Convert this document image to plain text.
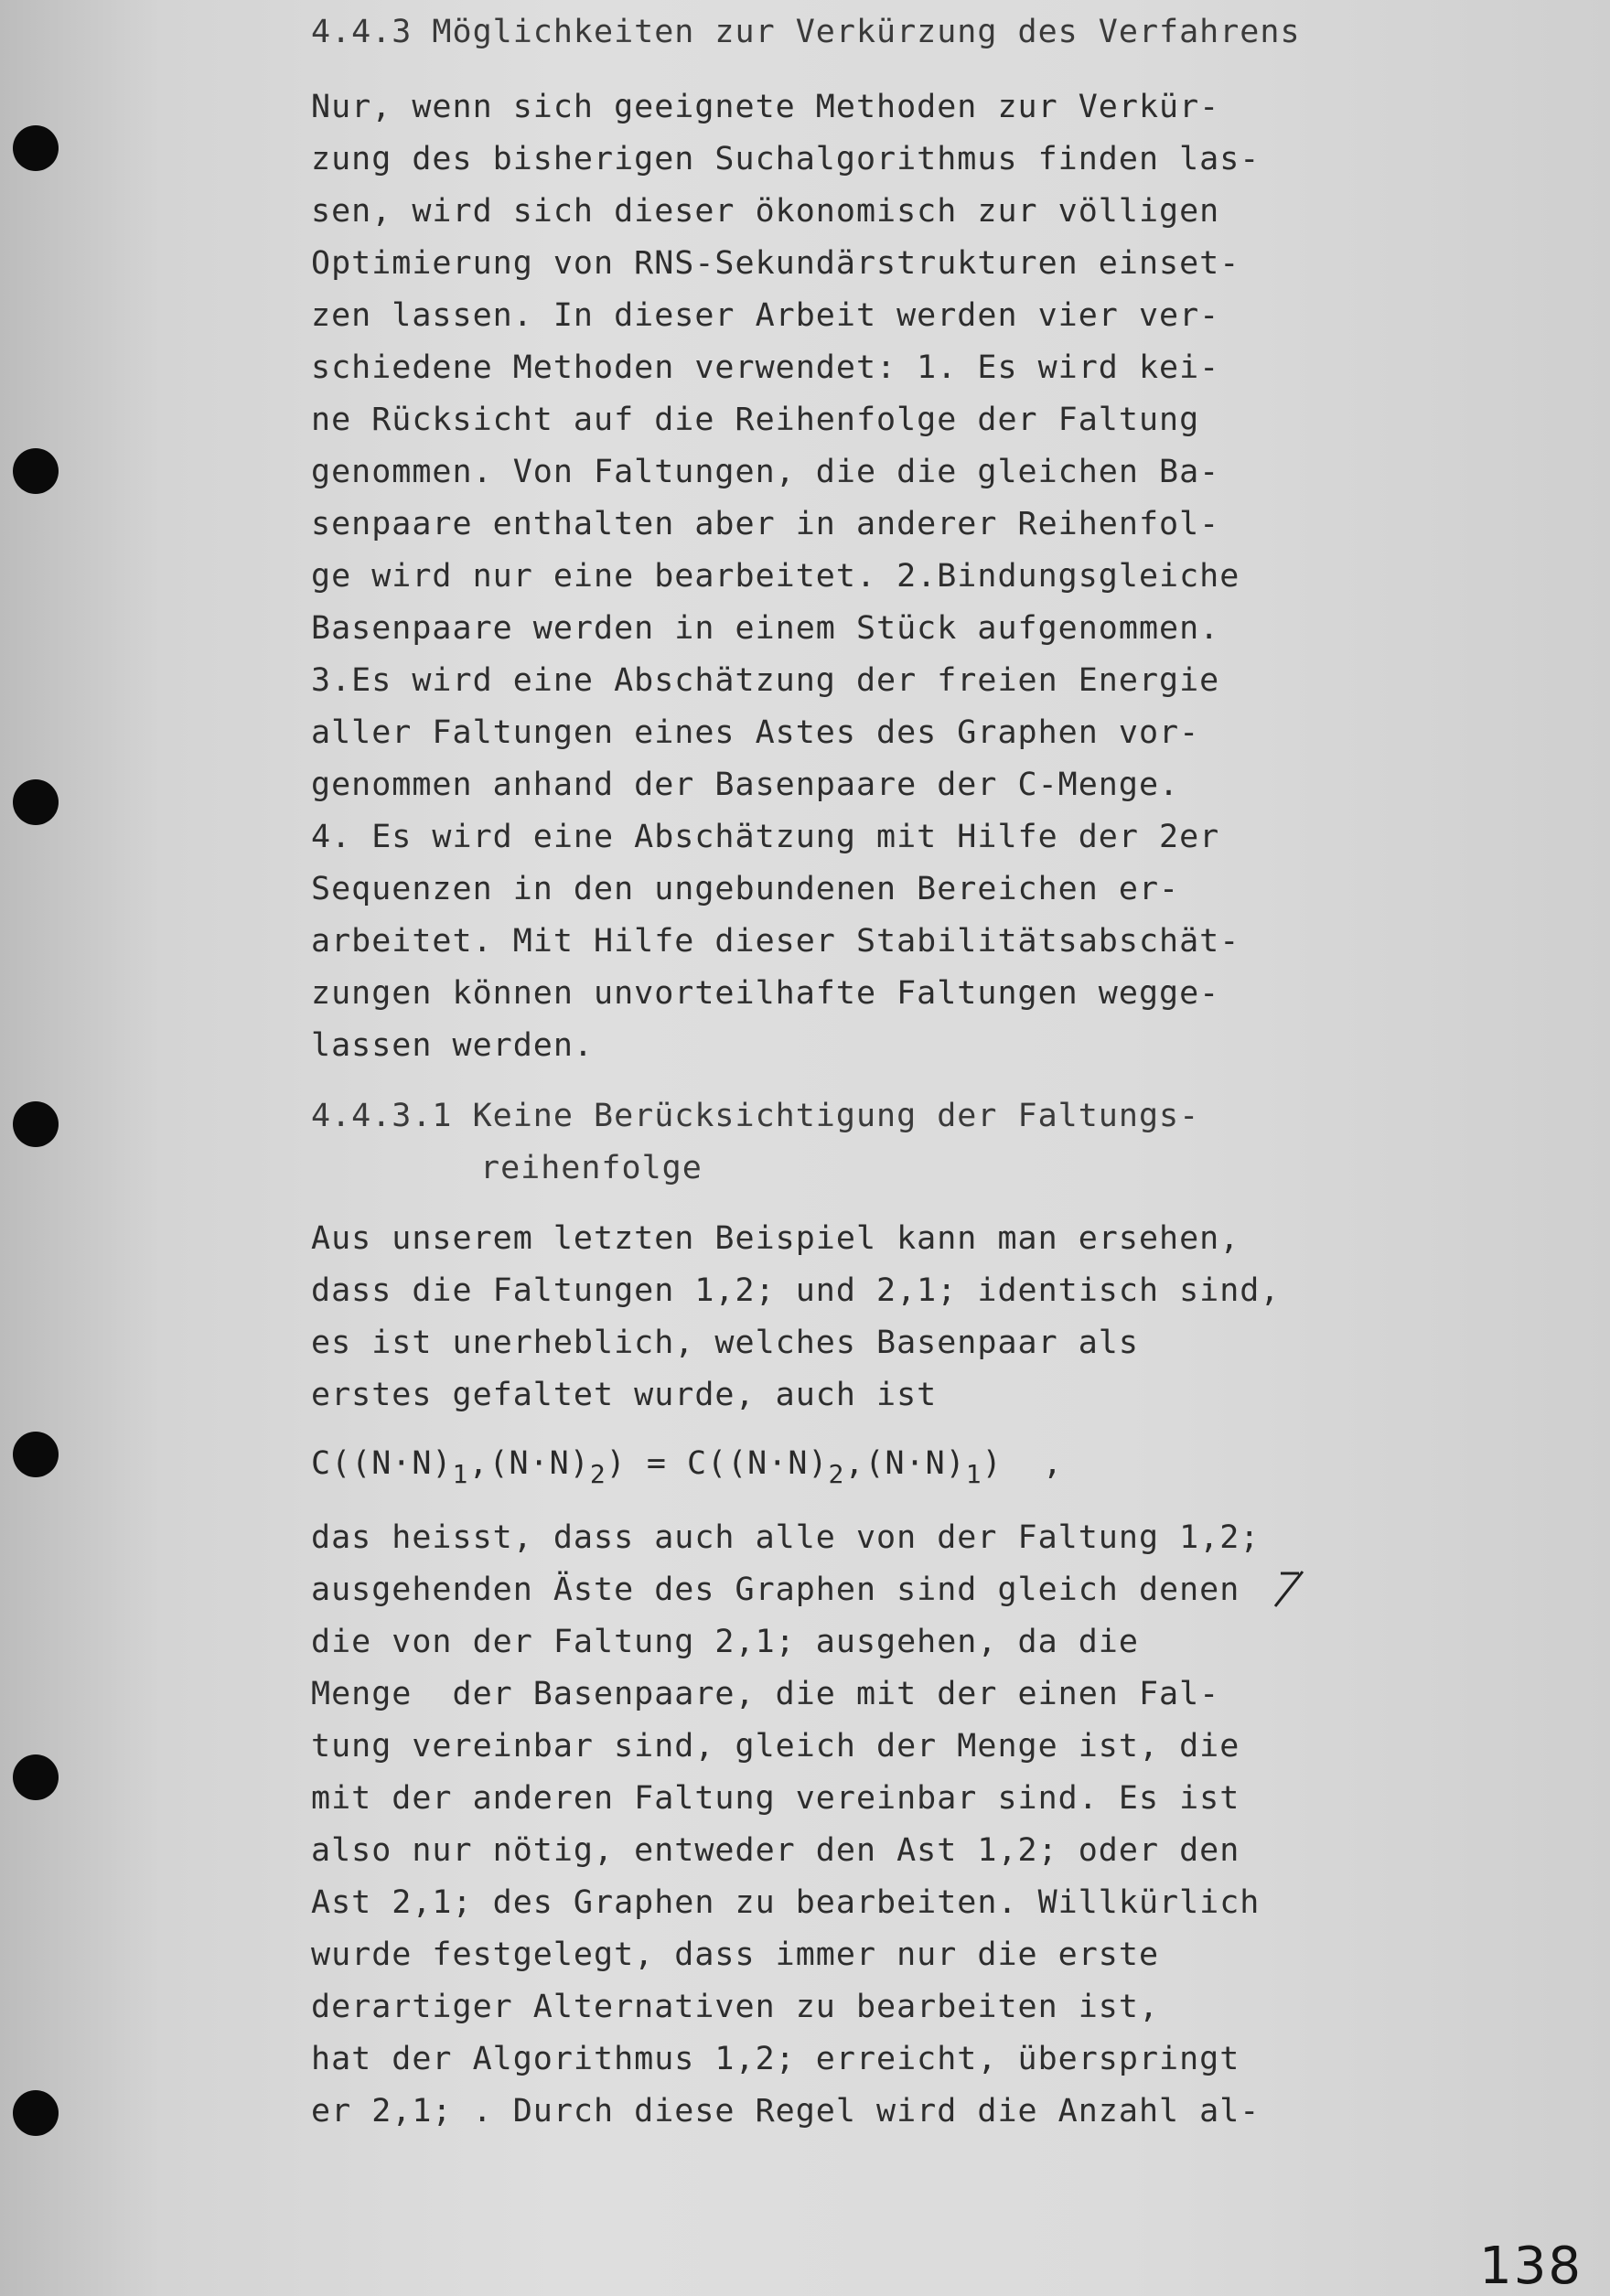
4.4.3 Möglichkeiten zur Verkürzung des Verfahrens
Nur, wenn sich geeignete Methoden zur Verkür-
zung des bisherigen Suchalgorithmus finden las-
sen, wird sich dieser ökonomisch zur völligen
Optimierung von RNS-Sekundärstrukturen einset-
zen lassen. In dieser Arbeit werden vier ver-
schiedene Methoden verwendet: 1. Es wird kei-
ne Rücksicht auf die Reihenfolge der Faltung
genommen. Von Faltungen, die die gleichen Ba-
senpaare enthalten aber in anderer Reihenfol-
ge wird nur eine bearbeitet. 2.Bindungsgleiche
Basenpaare werden in einem Stück aufgenommen.
3.Es wird eine Abschätzung der freien Energie
aller Faltungen eines Astes des Graphen vor-
genommen anhand der Basenpaare der C-Menge.
4. Es wird eine Abschätzung mit Hilfe der 2er
Sequenzen in den ungebundenen Bereichen er-
arbeitet. Mit Hilfe dieser Stabilitätsabschät-
zungen können unvorteilhafte Faltungen wegge-
lassen werden.
4.4.3.1 Keine Berücksichtigung der Faltungs-
reihenfolge
Aus unserem letzten Beispiel kann man ersehen,
dass die Faltungen 1,2; und 2,1; identisch sind,
es ist unerheblich, welches Basenpaar als
erstes gefaltet wurde, auch ist
$C((N\cdot N)_1,(N\cdot N)_2) = C((N\cdot N)_2,(N\cdot N)_1)$  ,
das heisst, dass auch alle von der Faltung 1,2;
ausgehenden Äste des Graphen sind gleich denen
die von der Faltung 2,1; ausgehen, da die
Menge  der Basenpaare, die mit der einen Fal-
tung vereinbar sind, gleich der Menge ist, die
mit der anderen Faltung vereinbar sind. Es ist
also nur nötig, entweder den Ast 1,2; oder den
Ast 2,1; des Graphen zu bearbeiten. Willkürlich
wurde festgelegt, dass immer nur die erste
derartiger Alternativen zu bearbeiten ist,
hat der Algorithmus 1,2; erreicht, überspringt
er 2,1; . Durch diese Regel wird die Anzahl al-
138
